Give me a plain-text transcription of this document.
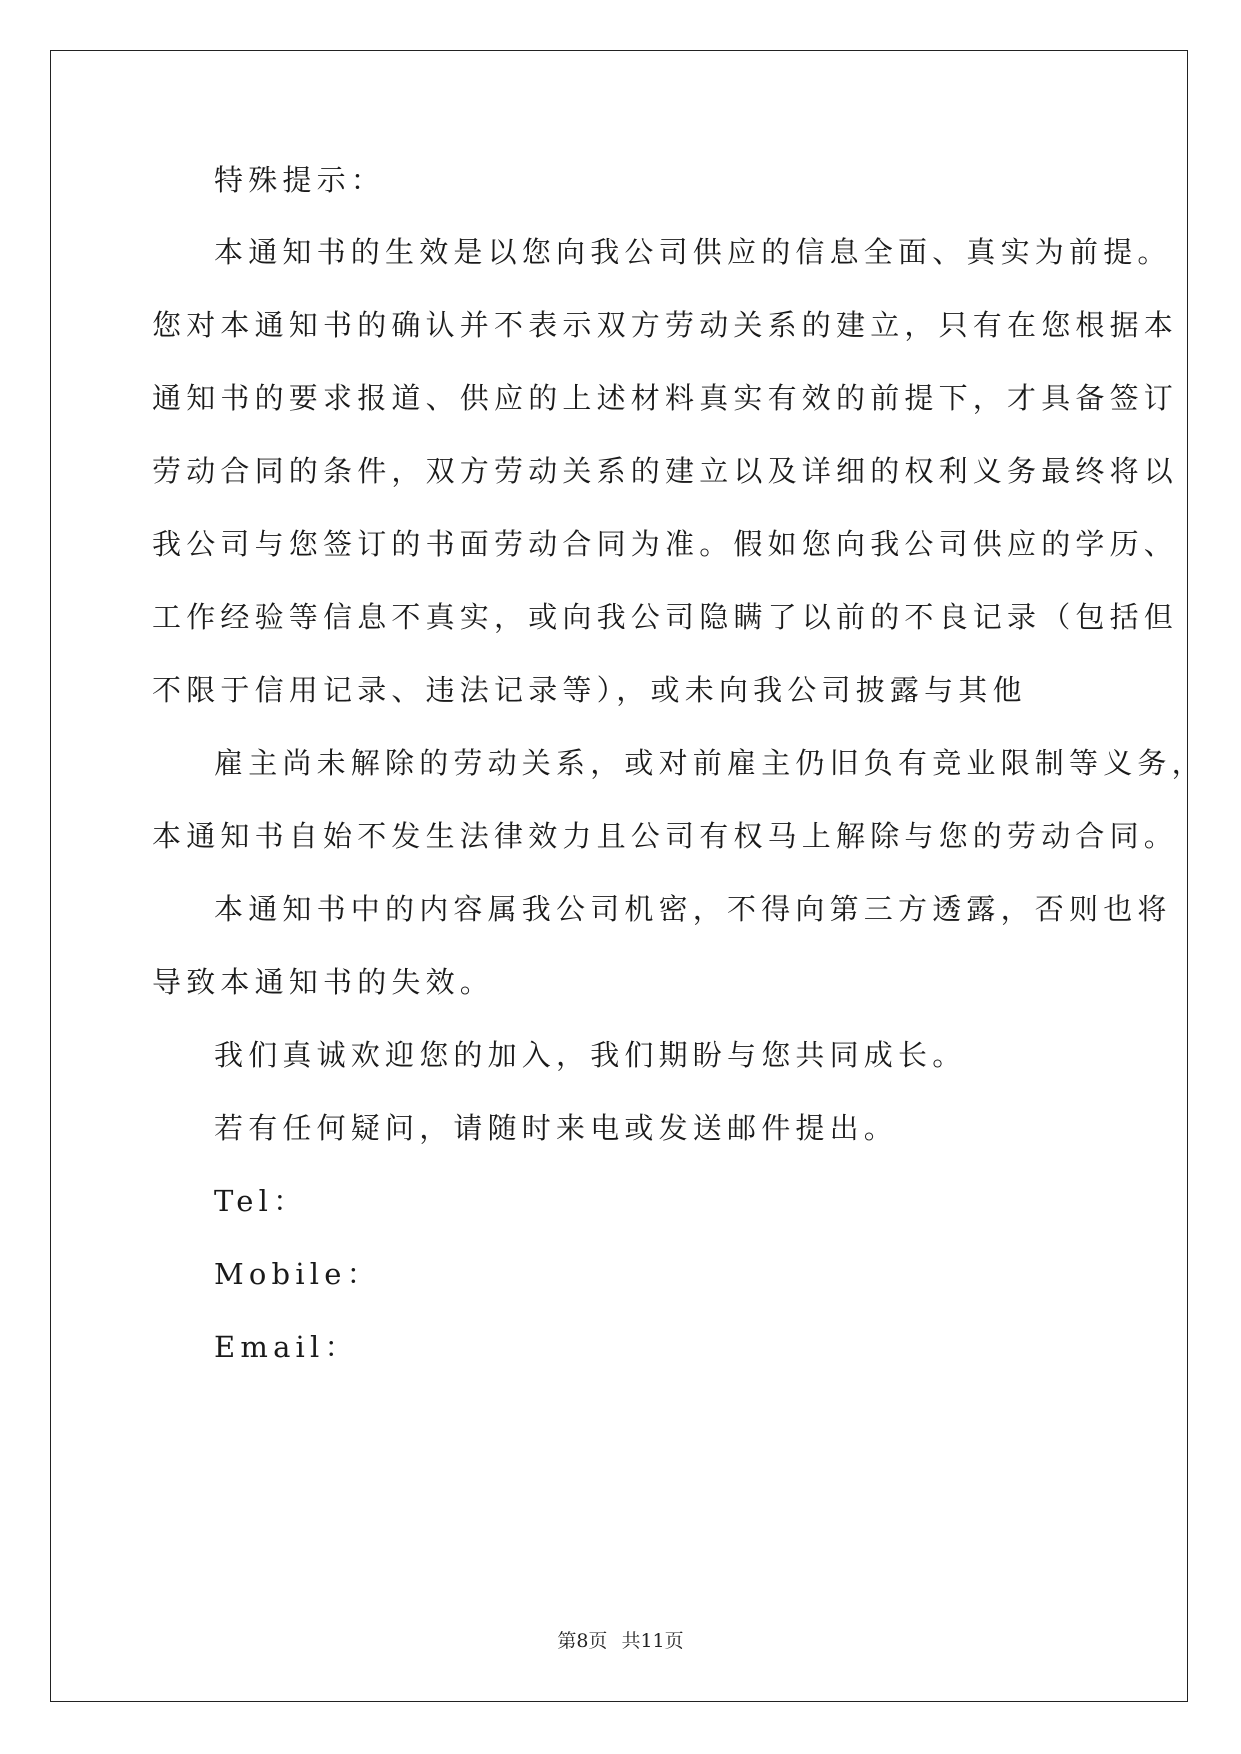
特殊提示：
本通知书的生效是以您向我公司供应的信息全面、真实为前提。
您对本通知书的确认并不表示双方劳动关系的建立，只有在您根据本
通知书的要求报道、供应的上述材料真实有效的前提下，才具备签订
劳动合同的条件，双方劳动关系的建立以及详细的权利义务最终将以
我公司与您签订的书面劳动合同为准。假如您向我公司供应的学历、
工作经验等信息不真实，或向我公司隐瞒了以前的不良记录（包括但
不限于信用记录、违法记录等），或未向我公司披露与其他
雇主尚未解除的劳动关系，或对前雇主仍旧负有竞业限制等义务，
本通知书自始不发生法律效力且公司有权马上解除与您的劳动合同。
本通知书中的内容属我公司机密，不得向第三方透露，否则也将
导致本通知书的失效。
我们真诚欢迎您的加入，我们期盼与您共同成长。
若有任何疑问，请随时来电或发送邮件提出。
Tel：
Mobile：
Email：
第8页 共11页
